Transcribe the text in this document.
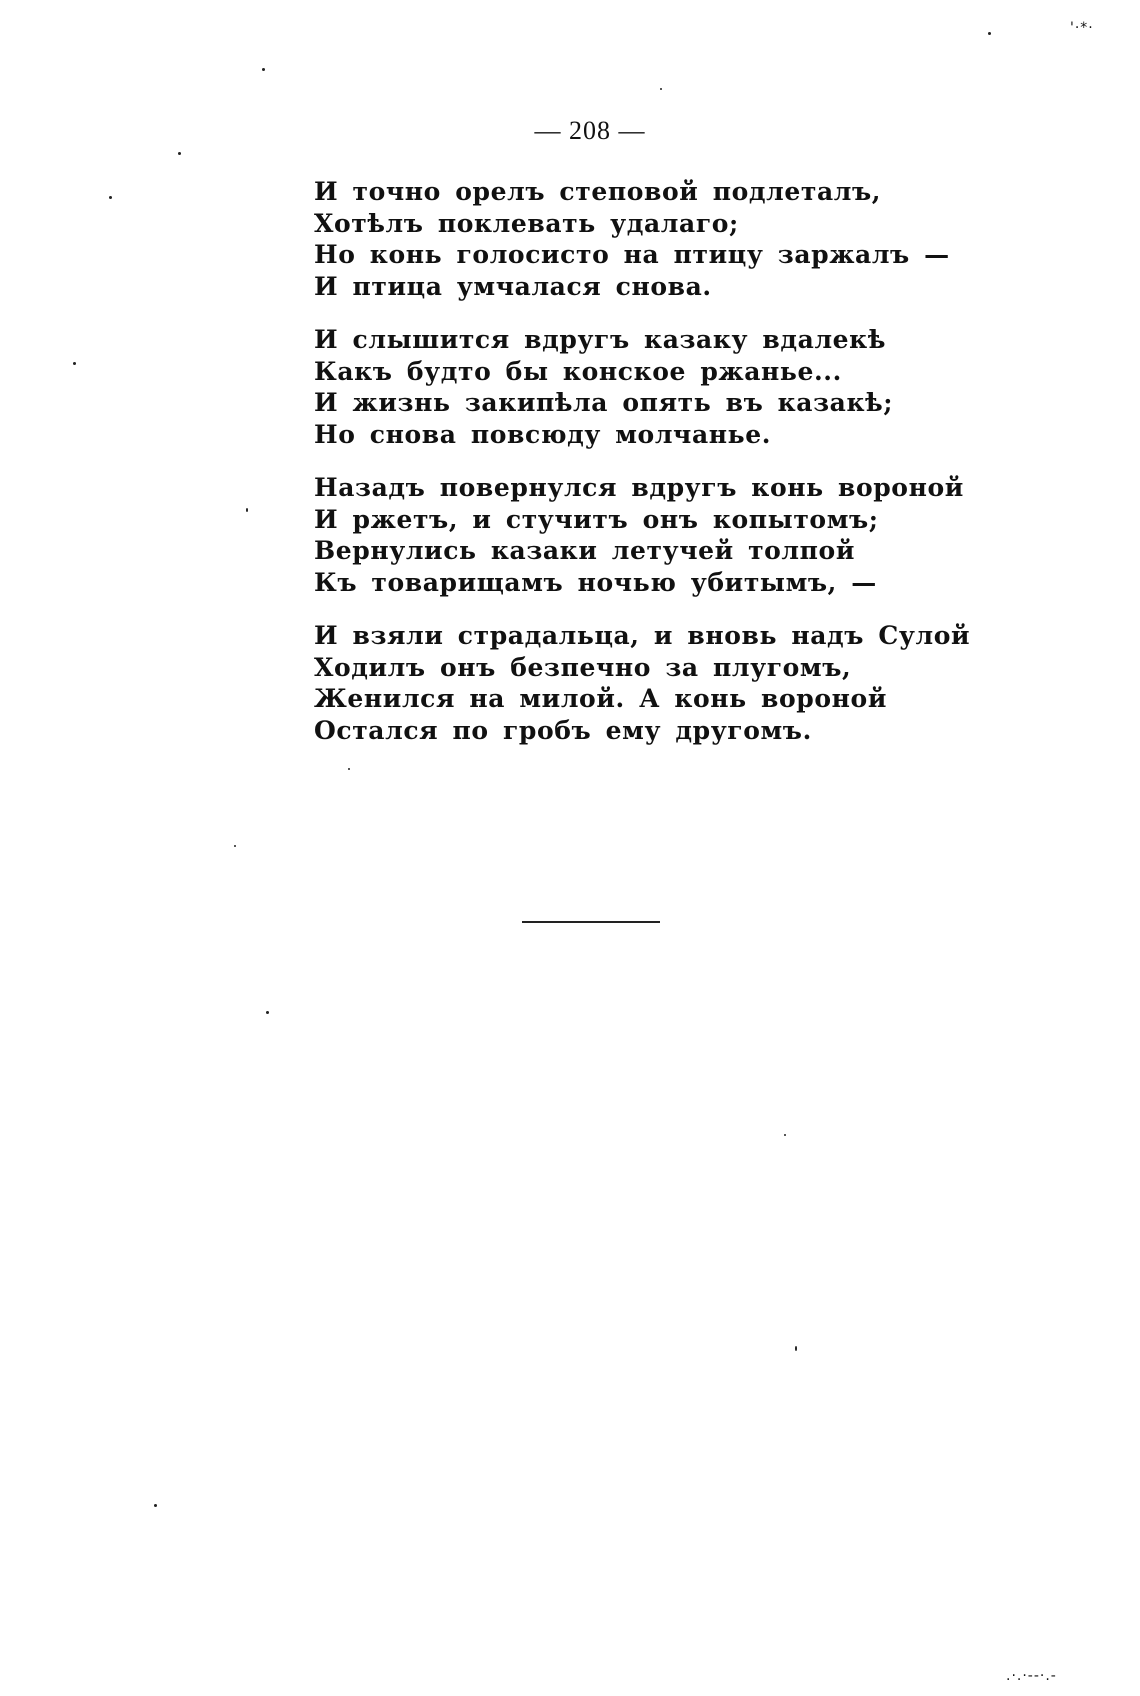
— 208 —
И точно орелъ степовой подлеталъ,
Хотѣлъ поклевать удалаго;
Но конь голосисто на птицу заржалъ —
И птица умчалася снова.
И слышится вдругъ казаку вдалекѣ
Какъ будто бы конское ржанье...
И жизнь закипѣла опять въ казакѣ;
Но снова повсюду молчанье.
Назадъ повернулся вдругъ конь вороной
И ржетъ, и стучитъ онъ копытомъ;
Вернулись казаки летучей толпой
Къ товарищамъ ночью убитымъ, —
И взяли страдальца, и вновь надъ Сулой
Ходилъ онъ безпечно за плугомъ,
Женился на милой. А конь вороной
Остался по гробъ ему другомъ.
'·*·
.·.·--·.-
